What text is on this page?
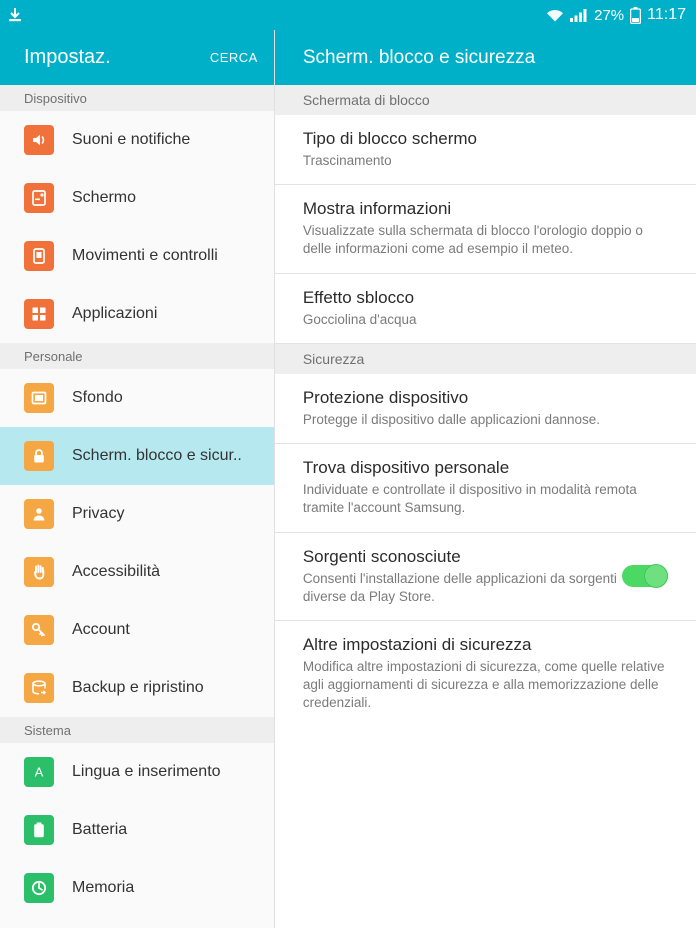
27% 11:17
Impostaz.	CERCA
Dispositivo
Suoni e notifiche
Schermo
Movimenti e controlli
Applicazioni
Personale
Sfondo
Scherm. blocco e sicur..
Privacy
Accessibilità
Account
Backup e ripristino
Sistema
A Lingua e inserimento
Batteria
Memoria
Scherm. blocco e sicurezza
Schermata di blocco
Tipo di blocco schermo
Trascinamento
Mostra informazioni
Visualizzate sulla schermata di blocco l'orologio doppio o delle informazioni come ad esempio il meteo.
Effetto sblocco
Gocciolina d'acqua
Sicurezza
Protezione dispositivo
Protegge il dispositivo dalle applicazioni dannose.
Trova dispositivo personale
Individuate e controllate il dispositivo in modalità remota tramite l'account Samsung.
Sorgenti sconosciute
Consenti l'installazione delle applicazioni da sorgenti diverse da Play Store.
Altre impostazioni di sicurezza
Modifica altre impostazioni di sicurezza, come quelle relative agli aggiornamenti di sicurezza e alla memorizzazione delle credenziali.
